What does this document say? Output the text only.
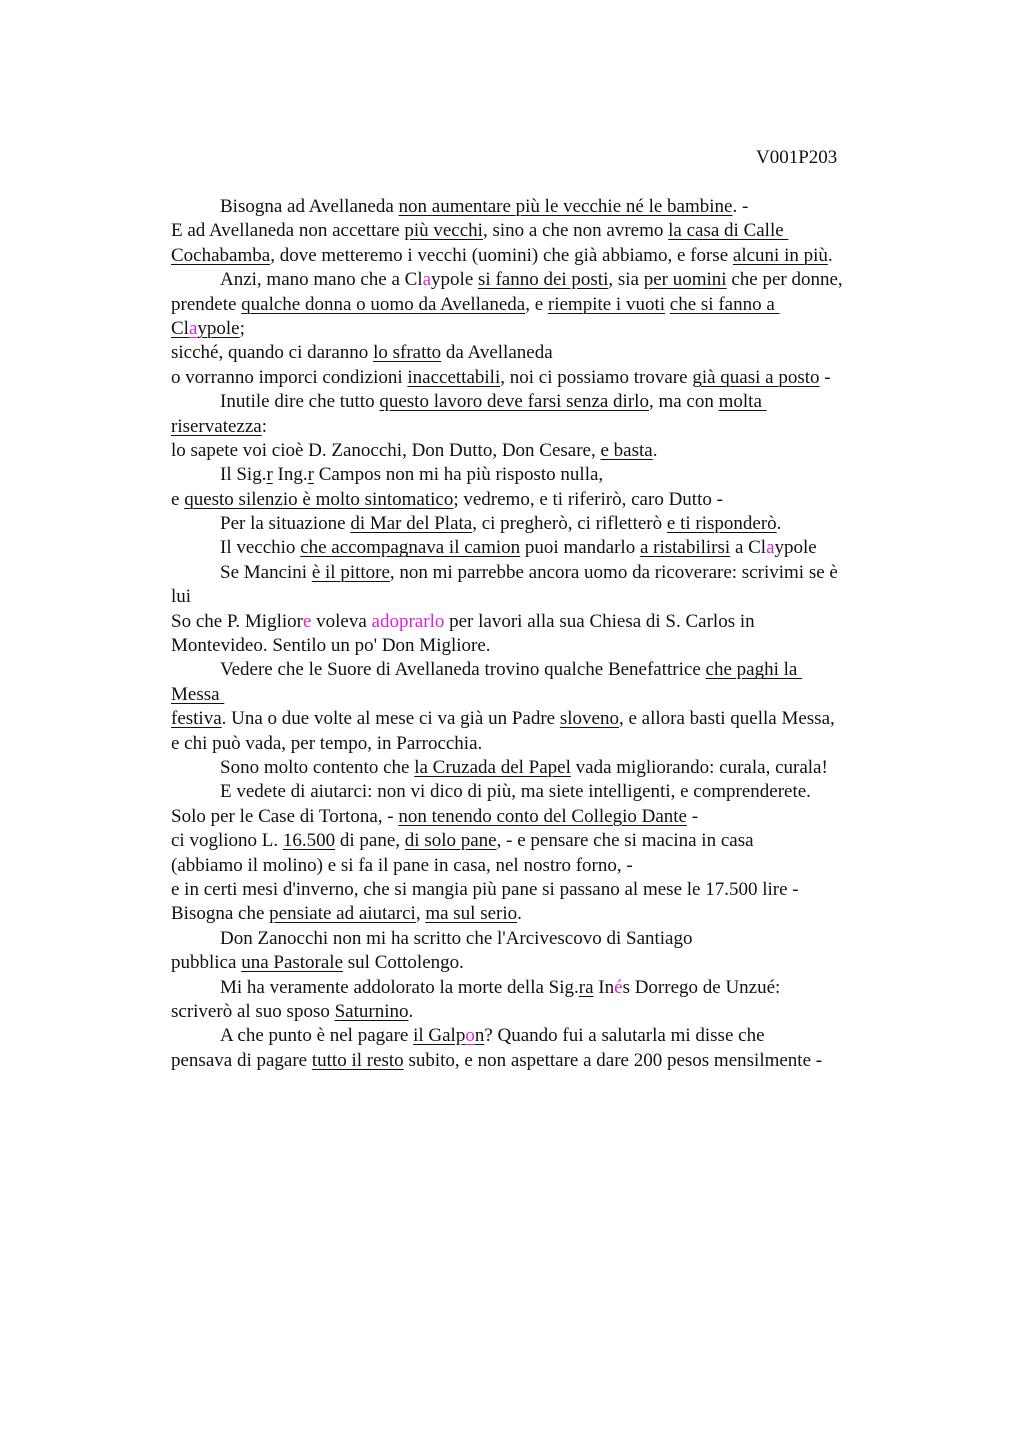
V001P203
Bisogna ad Avellaneda non aumentare più le vecchie né le bambine. -
E ad Avellaneda non accettare più vecchi, sino a che non avremo la casa di Calle
Cochabamba, dove metteremo i vecchi (uomini) che già abbiamo, e forse alcuni in più.
Anzi, mano mano che a Claypole si fanno dei posti, sia per uomini che per donne,
prendete qualche donna o uomo da Avellaneda, e riempite i vuoti che si fanno a
Claypole;
sicché, quando ci daranno lo sfratto da Avellaneda
o vorranno imporci condizioni inaccettabili, noi ci possiamo trovare già quasi a posto -
Inutile dire che tutto questo lavoro deve farsi senza dirlo, ma con molta
riservatezza:
lo sapete voi cioè D. Zanocchi, Don Dutto, Don Cesare, e basta.
Il Sig.r Ing.r Campos non mi ha più risposto nulla,
e questo silenzio è molto sintomatico; vedremo, e ti riferirò, caro Dutto -
Per la situazione di Mar del Plata, ci pregherò, ci rifletterò e ti risponderò.
Il vecchio che accompagnava il camion puoi mandarlo a ristabilirsi a Claypole
Se Mancini è il pittore, non mi parrebbe ancora uomo da ricoverare: scrivimi se è
lui
So che P. Migliore voleva adoprarlo per lavori alla sua Chiesa di S. Carlos in
Montevideo. Sentilo un po' Don Migliore.
Vedere che le Suore di Avellaneda trovino qualche Benefattrice che paghi la
Messa
festiva. Una o due volte al mese ci va già un Padre sloveno, e allora basti quella Messa,
e chi può vada, per tempo, in Parrocchia.
Sono molto contento che la Cruzada del Papel vada migliorando: curala, curala!
E vedete di aiutarci: non vi dico di più, ma siete intelligenti, e comprenderete.
Solo per le Case di Tortona, - non tenendo conto del Collegio Dante -
ci vogliono L. 16.500 di pane, di solo pane, - e pensare che si macina in casa
(abbiamo il molino) e si fa il pane in casa, nel nostro forno, -
e in certi mesi d'inverno, che si mangia più pane si passano al mese le 17.500 lire -
Bisogna che pensiate ad aiutarci, ma sul serio.
Don Zanocchi non mi ha scritto che l'Arcivescovo di Santiago
pubblica una Pastorale sul Cottolengo.
Mi ha veramente addolorato la morte della Sig.ra Inés Dorrego de Unzué:
scriverò al suo sposo Saturnino.
A che punto è nel pagare il Galpon? Quando fui a salutarla mi disse che
pensava di pagare tutto il resto subito, e non aspettare a dare 200 pesos mensilmente -
